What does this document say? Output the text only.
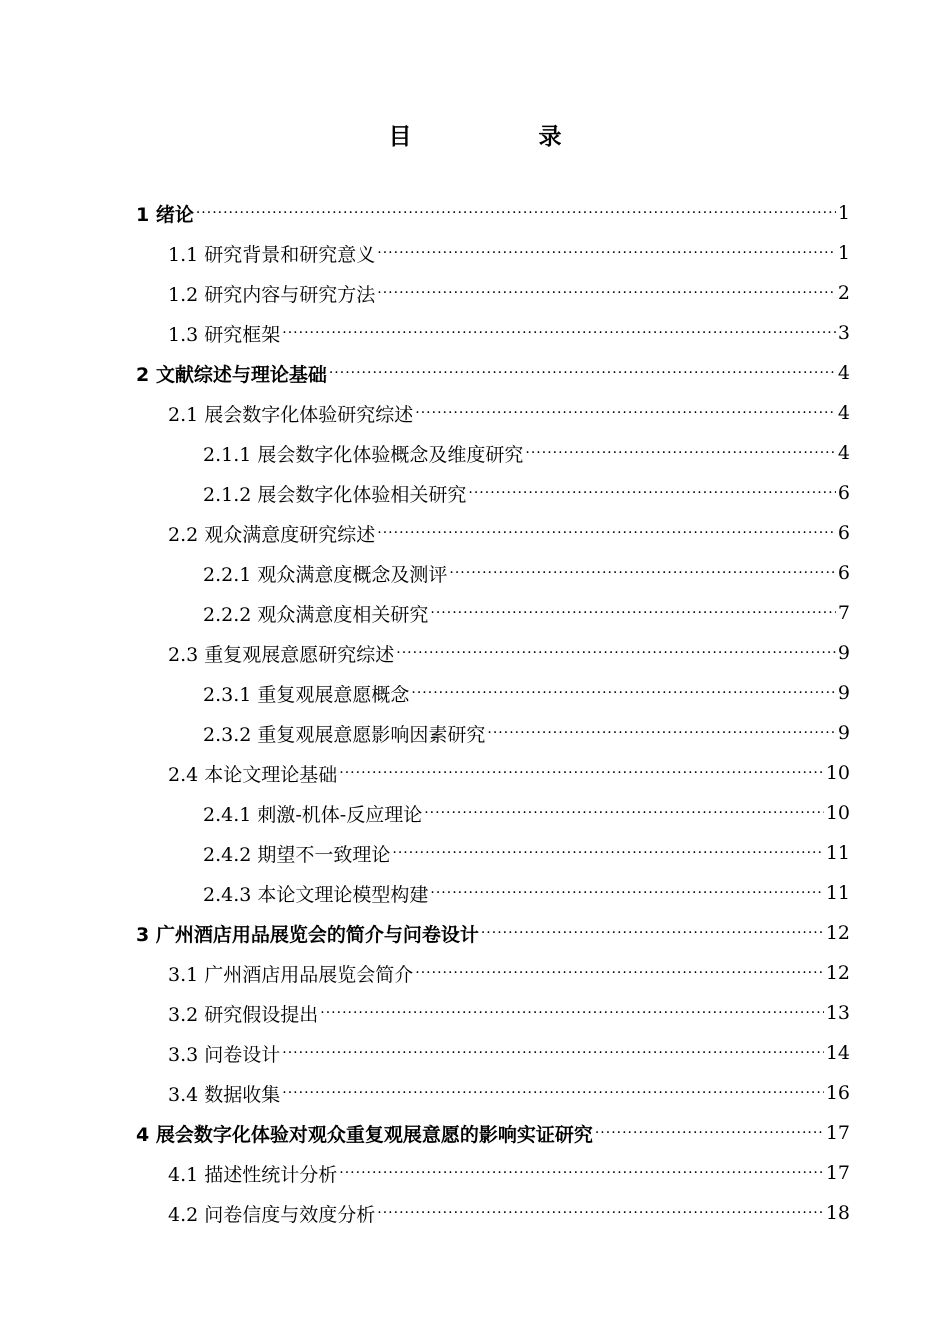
目　录
1 绪论 ·····	1
1.1 研究背景和研究意义 ·····	1
1.2 研究内容与研究方法 ·····	2
1.3 研究框架 ·····	3
2 文献综述与理论基础 ·····	4
2.1 展会数字化体验研究综述 ·····	4
2.1.1 展会数字化体验概念及维度研究 ·····	4
2.1.2 展会数字化体验相关研究 ·····	6
2.2 观众满意度研究综述 ·····	6
2.2.1 观众满意度概念及测评 ·····	6
2.2.2 观众满意度相关研究 ·····	7
2.3 重复观展意愿研究综述 ·····	9
2.3.1 重复观展意愿概念 ·····	9
2.3.2 重复观展意愿影响因素研究 ·····	9
2.4 本论文理论基础 ·····	10
2.4.1 刺激-机体-反应理论 ·····	10
2.4.2 期望不一致理论 ·····	11
2.4.3 本论文理论模型构建 ·····	11
3 广州酒店用品展览会的简介与问卷设计 ·····	12
3.1 广州酒店用品展览会简介 ·····	12
3.2 研究假设提出 ·····	13
3.3 问卷设计 ·····	14
3.4 数据收集 ·····	16
4 展会数字化体验对观众重复观展意愿的影响实证研究 ·····	17
4.1 描述性统计分析 ·····	17
4.2 问卷信度与效度分析 ·····	18
